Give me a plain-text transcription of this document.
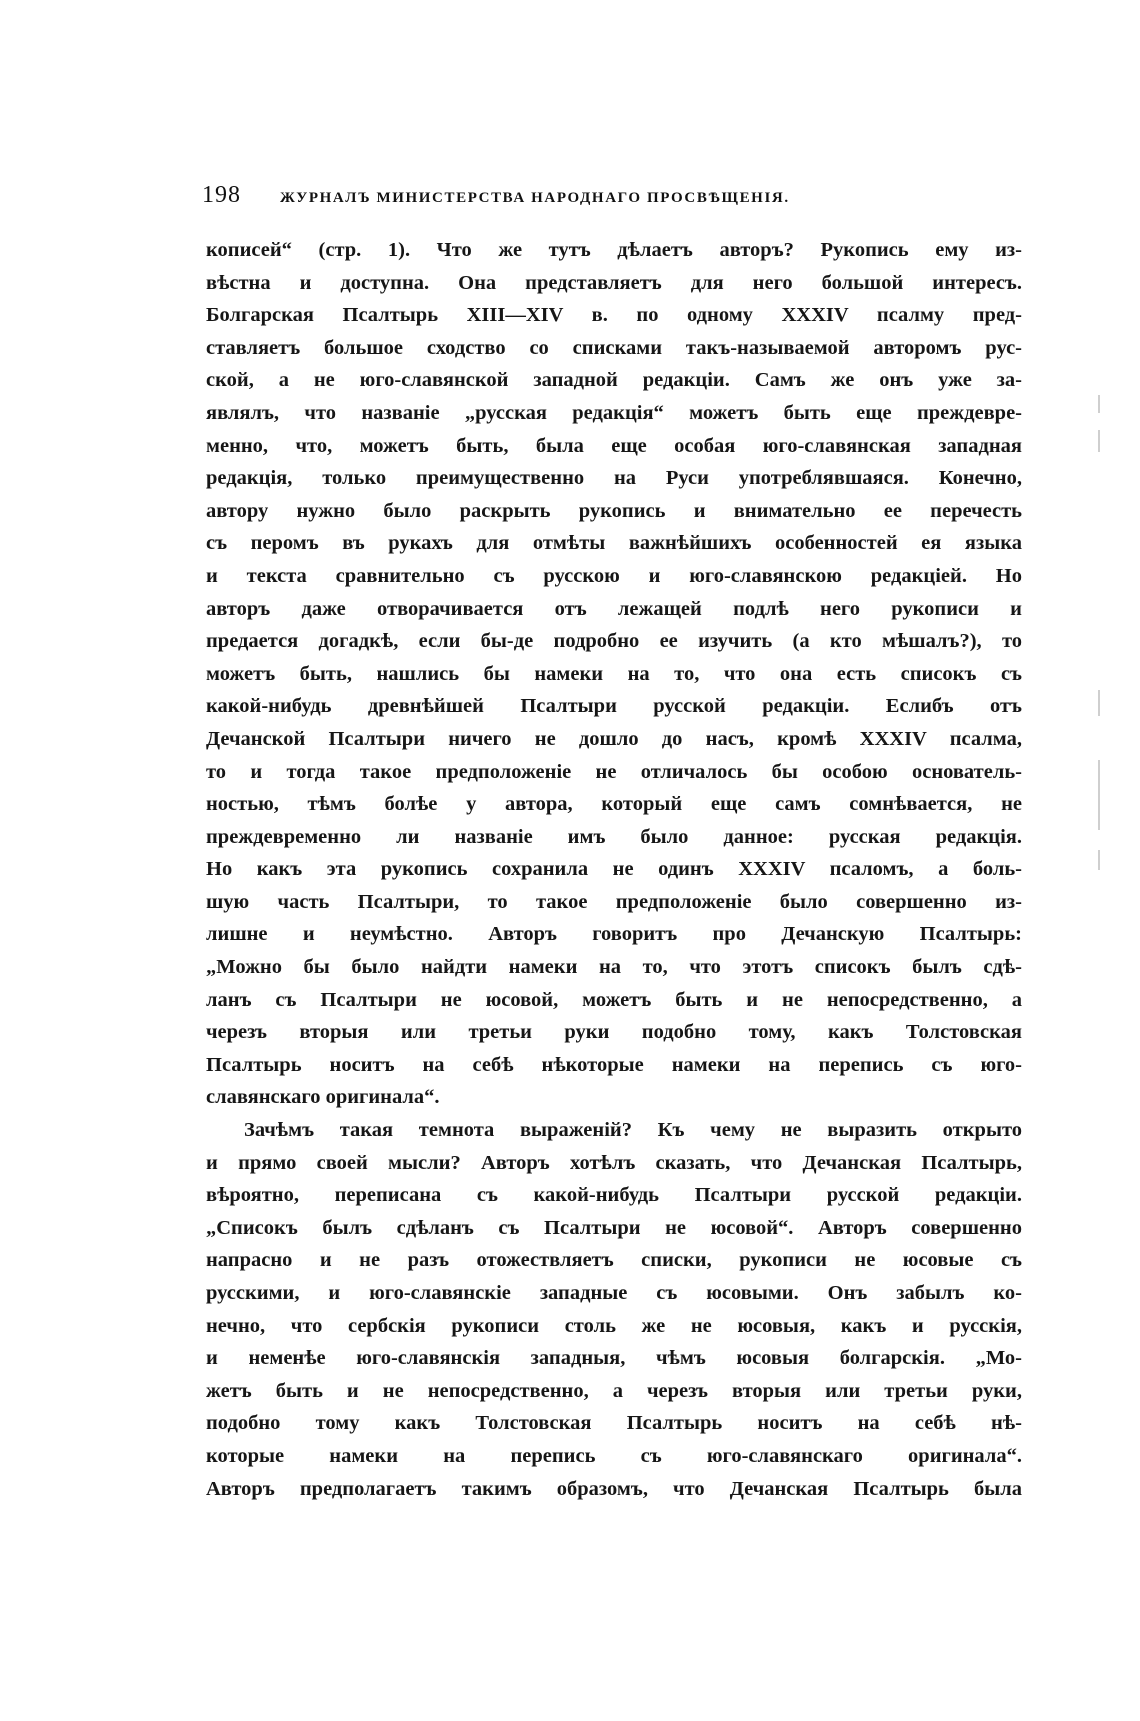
198	ЖУРНАЛЪ МИНИСТЕРСТВА НАРОДНАГО ПРОСВѢЩЕНІЯ.
кописей“ (стр. 1). Что же тутъ дѣлаетъ авторъ? Рукопись ему из-
вѣстна и доступна. Она представляетъ для него большой интересъ.
Болгарская Псалтырь XIII—XIV в. по одному XXXIV псалму пред-
ставляетъ большое сходство со списками такъ-называемой авторомъ рус-
ской, а не юго-славянской западной редакціи. Самъ же онъ уже за-
являлъ, что названіе „русская редакція“ можетъ быть еще преждевре-
менно, что, можетъ быть, была еще особая юго-славянская западная
редакція, только преимущественно на Руси употреблявшаяся. Конечно,
автору нужно было раскрыть рукопись и внимательно ее перечесть
съ перомъ въ рукахъ для отмѣты важнѣйшихъ особенностей ея языка
и текста сравнительно съ русскою и юго-славянскою редакціей. Но
авторъ даже отворачивается отъ лежащей подлѣ него рукописи и
предается догадкѣ, если бы-де подробно ее изучить (а кто мѣшалъ?), то
можетъ быть, нашлись бы намеки на то, что она есть списокъ съ
какой-нибудь древнѣйшей Псалтыри русской редакціи. Еслибъ отъ
Дечанской Псалтыри ничего не дошло до насъ, кромѣ XXXIV псалма,
то и тогда такое предположеніе не отличалось бы особою основатель-
ностью, тѣмъ болѣе у автора, который еще самъ сомнѣвается, не
преждевременно ли названіе имъ было данное: русская редакція.
Но какъ эта рукопись сохранила не одинъ XXXIV псаломъ, а боль-
шую часть Псалтыри, то такое предположеніе было совершенно из-
лишне и неумѣстно. Авторъ говоритъ про Дечанскую Псалтырь:
„Можно бы было найдти намеки на то, что этотъ списокъ былъ сдѣ-
ланъ съ Псалтыри не юсовой, можетъ быть и не непосредственно, а
черезъ вторыя или третьи руки подобно тому, какъ Толстовская
Псалтырь носитъ на себѣ нѣкоторые намеки на перепись съ юго-
славянскаго оригинала“.
Зачѣмъ такая темнота выраженій? Къ чему не выразить открыто
и прямо своей мысли? Авторъ хотѣлъ сказать, что Дечанская Псалтырь,
вѣроятно, переписана съ какой-нибудь Псалтыри русской редакціи.
„Списокъ былъ сдѣланъ съ Псалтыри не юсовой“. Авторъ совершенно
напрасно и не разъ отожествляетъ списки, рукописи не юсовые съ
русскими, и юго-славянскіе западные съ юсовыми. Онъ забылъ ко-
нечно, что сербскія рукописи столь же не юсовыя, какъ и русскія,
и неменѣе юго-славянскія западныя, чѣмъ юсовыя болгарскія. „Мо-
жетъ быть и не непосредственно, а черезъ вторыя или третьи руки,
подобно тому какъ Толстовская Псалтырь носитъ на себѣ нѣ-
которые намеки на перепись съ юго-славянскаго оригинала“.
Авторъ предполагаетъ такимъ образомъ, что Дечанская Псалтырь была
